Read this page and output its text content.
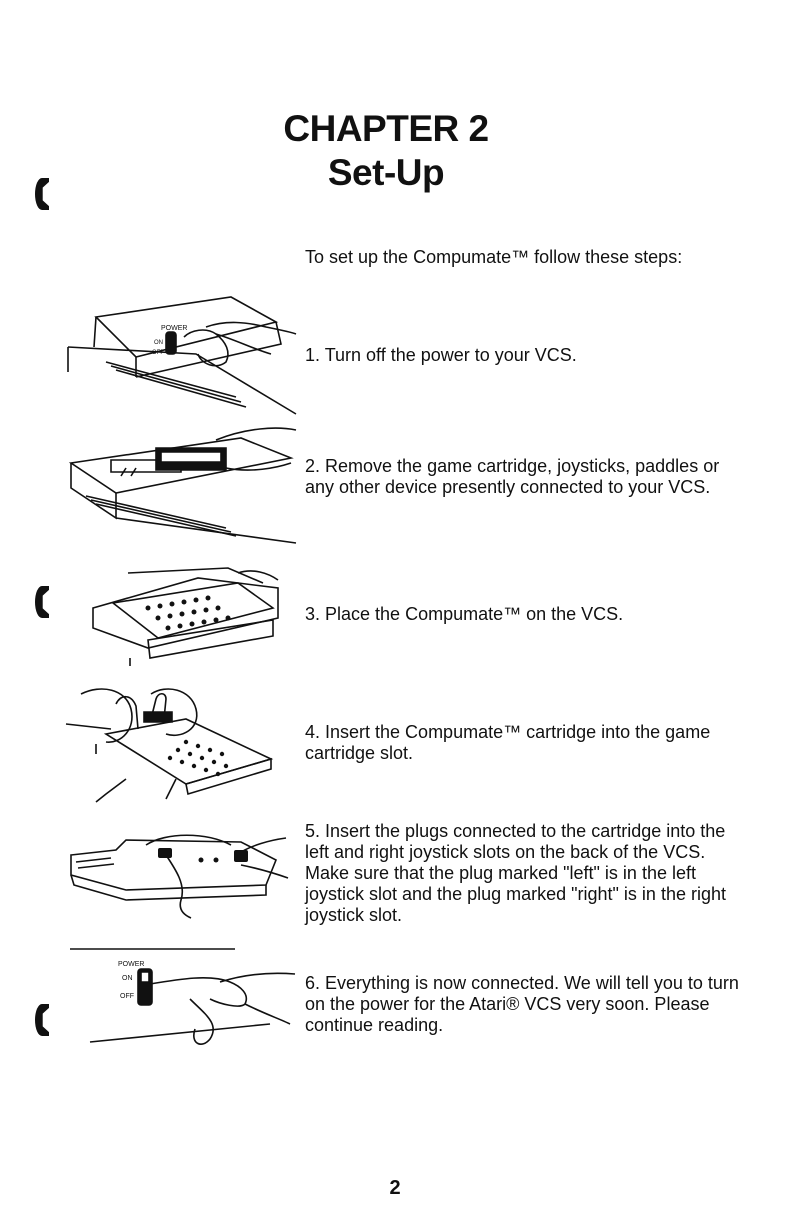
CHAPTER 2
Set-Up

To set up the Compumate™ follow these steps:

POWER
ON
OFF	1. Turn off the power to your VCS.

2. Remove the game cartridge, joysticks, paddles or any other device presently connected to your VCS.

3. Place the Compumate™ on the VCS.

4. Insert the Compumate™ cartridge into the game cartridge slot.

5. Insert the plugs connected to the cartridge into the left and right joystick slots on the back of the VCS. Make sure that the plug marked "left" is in the left joystick slot and the plug marked "right" is in the right joystick slot.

POWER
ON
OFF

6. Everything is now connected. We will tell you to turn on the power for the Atari® VCS very soon. Please continue reading.

2
